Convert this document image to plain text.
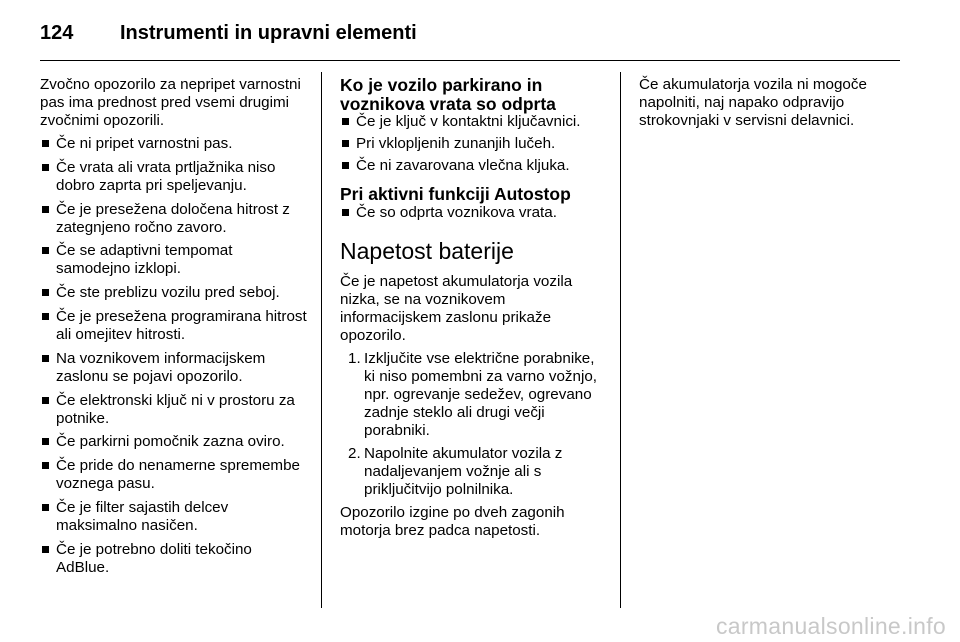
124 Instrumenti in upravni elementi

Zvočno opozorilo za nepripet varnostni pas ima prednost pred vsemi drugimi zvočnimi opozorili.

Če ni pripet varnostni pas.
Če vrata ali vrata prtljažnika niso dobro zaprta pri speljevanju.
Če je presežena določena hitrost z zategnjeno ročno zavoro.
Če se adaptivni tempomat samodejno izklopi.
Če ste preblizu vozilu pred seboj.
Če je presežena programirana hitrost ali omejitev hitrosti.
Na voznikovem informacijskem zaslonu se pojavi opozorilo.
Če elektronski ključ ni v prostoru za potnike.
Če parkirni pomočnik zazna oviro.
Če pride do nenamerne spremembe voznega pasu.
Če je filter sajastih delcev maksimalno nasičen.
Če je potrebno doliti tekočino AdBlue.
Ko je vozilo parkirano in voznikova vrata so odprta
Če je ključ v kontaktni ključavnici.
Pri vklopljenih zunanjih lučeh.
Če ni zavarovana vlečna kljuka.
Pri aktivni funkciji Autostop
Če so odprta voznikova vrata.
Napetost baterije

Če je napetost akumulatorja vozila nizka, se na voznikovem informacijskem zaslonu prikaže opozorilo.

1. Izključite vse električne porabnike, ki niso pomembni za varno vožnjo, npr. ogrevanje sedežev, ogrevano zadnje steklo ali drugi večji porabniki.
2. Napolnite akumulator vozila z nadaljevanjem vožnje ali s priključitvijo polnilnika.

Opozorilo izgine po dveh zagonih motorja brez padca napetosti.

Če akumulatorja vozila ni mogoče napolniti, naj napako odpravijo strokovnjaki v servisni delavnici.

carmanualsonline.info
